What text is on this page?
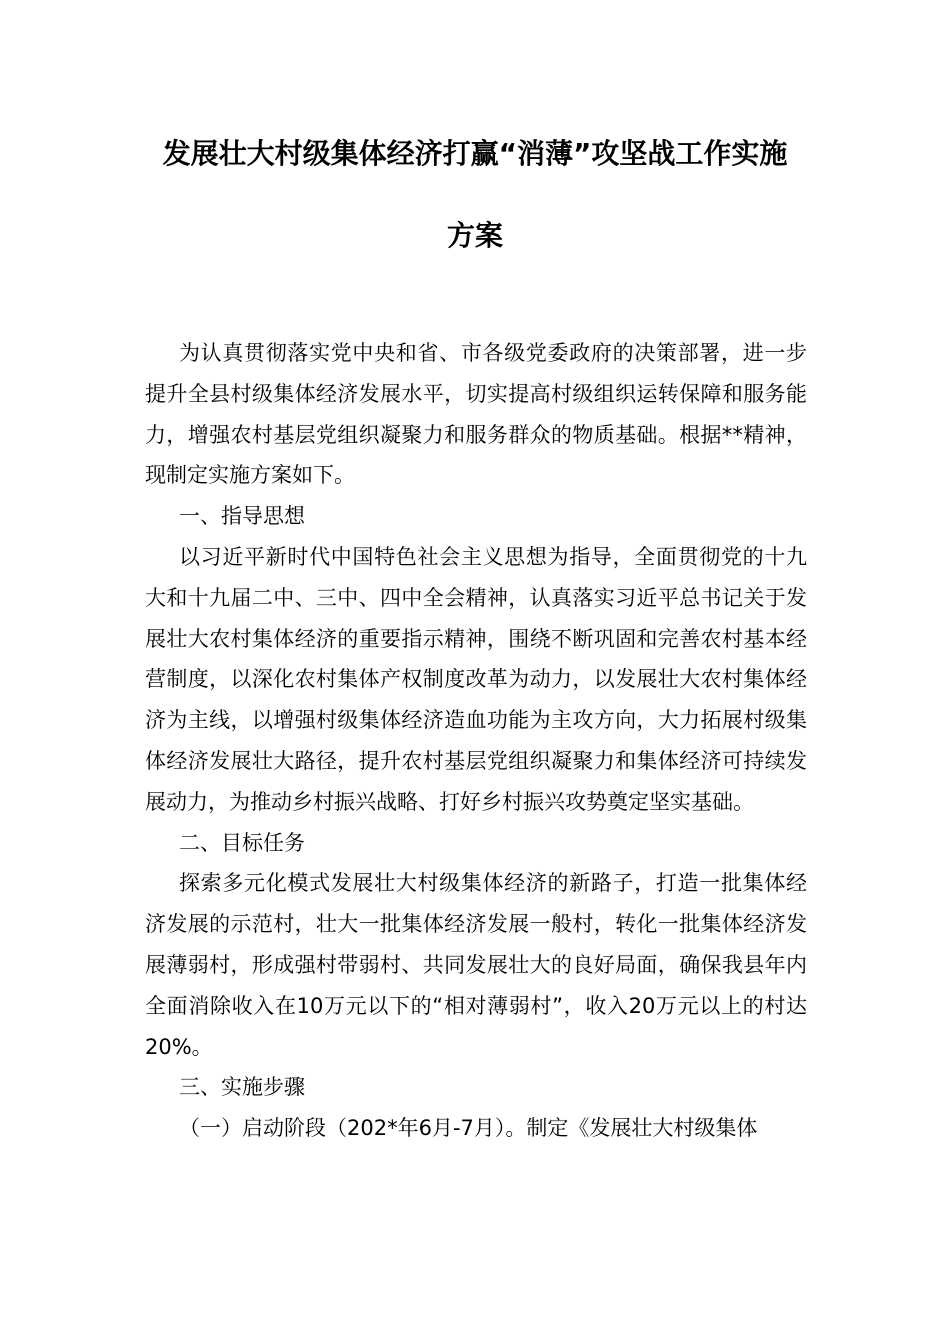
发展壮大村级集体经济打赢“消薄”攻坚战工作实施
方案

为认真贯彻落实党中央和省、市各级党委政府的决策部署，进一步提升全县村级集体经济发展水平，切实提高村级组织运转保障和服务能力，增强农村基层党组织凝聚力和服务群众的物质基础。根据**精神，现制定实施方案如下。

一、指导思想

以习近平新时代中国特色社会主义思想为指导，全面贯彻党的十九大和十九届二中、三中、四中全会精神，认真落实习近平总书记关于发展壮大农村集体经济的重要指示精神，围绕不断巩固和完善农村基本经营制度，以深化农村集体产权制度改革为动力，以发展壮大农村集体经济为主线，以增强村级集体经济造血功能为主攻方向，大力拓展村级集体经济发展壮大路径，提升农村基层党组织凝聚力和集体经济可持续发展动力，为推动乡村振兴战略、打好乡村振兴攻势奠定坚实基础。

二、目标任务

探索多元化模式发展壮大村级集体经济的新路子，打造一批集体经济发展的示范村，壮大一批集体经济发展一般村，转化一批集体经济发展薄弱村，形成强村带弱村、共同发展壮大的良好局面，确保我县年内全面消除收入在10万元以下的“相对薄弱村”，收入20万元以上的村达20%。

三、实施步骤

（一）启动阶段（202*年6月-7月）。制定《发展壮大村级集体
